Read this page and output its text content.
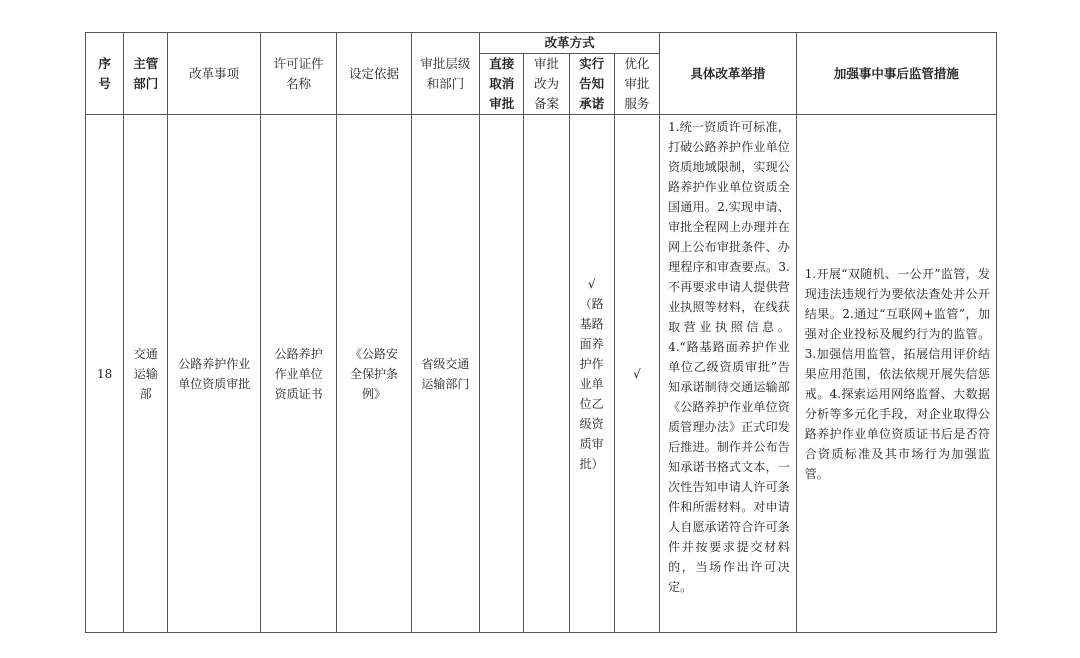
序号	主管部门	改革事项	许可证件名称	设定依据	审批层级和部门	改革方式				具体改革举措	加强事中事后监管措施
						直接取消审批	审批改为备案	实行告知承诺	优化审批服务		
18	交通运输部	公路养护作业单位资质审批	公路养护作业单位资质证书	《公路安全保护条例》	省级交通运输部门			√（路基路面养护作业单位乙级资质审批）	√	1.统一资质许可标准，打破公路养护作业单位资质地域限制，实现公路养护作业单位资质全国通用。2.实现申请、审批全程网上办理并在网上公布审批条件、办理程序和审查要点。3.不再要求申请人提供营业执照等材料，在线获取营业执照信息。4.“路基路面养护作业单位乙级资质审批”告知承诺制待交通运输部《公路养护作业单位资质管理办法》正式印发后推进。制作并公布告知承诺书格式文本，一次性告知申请人许可条件和所需材料。对申请人自愿承诺符合许可条件并按要求提交材料的，当场作出许可决定。	1.开展“双随机、一公开”监管，发现违法违规行为要依法查处并公开结果。2.通过“互联网+监管”，加强对企业投标及履约行为的监管。3.加强信用监管，拓展信用评价结果应用范围，依法依规开展失信惩戒。4.探索运用网络监督、大数据分析等多元化手段，对企业取得公路养护作业单位资质证书后是否符合资质标准及其市场行为加强监管。
